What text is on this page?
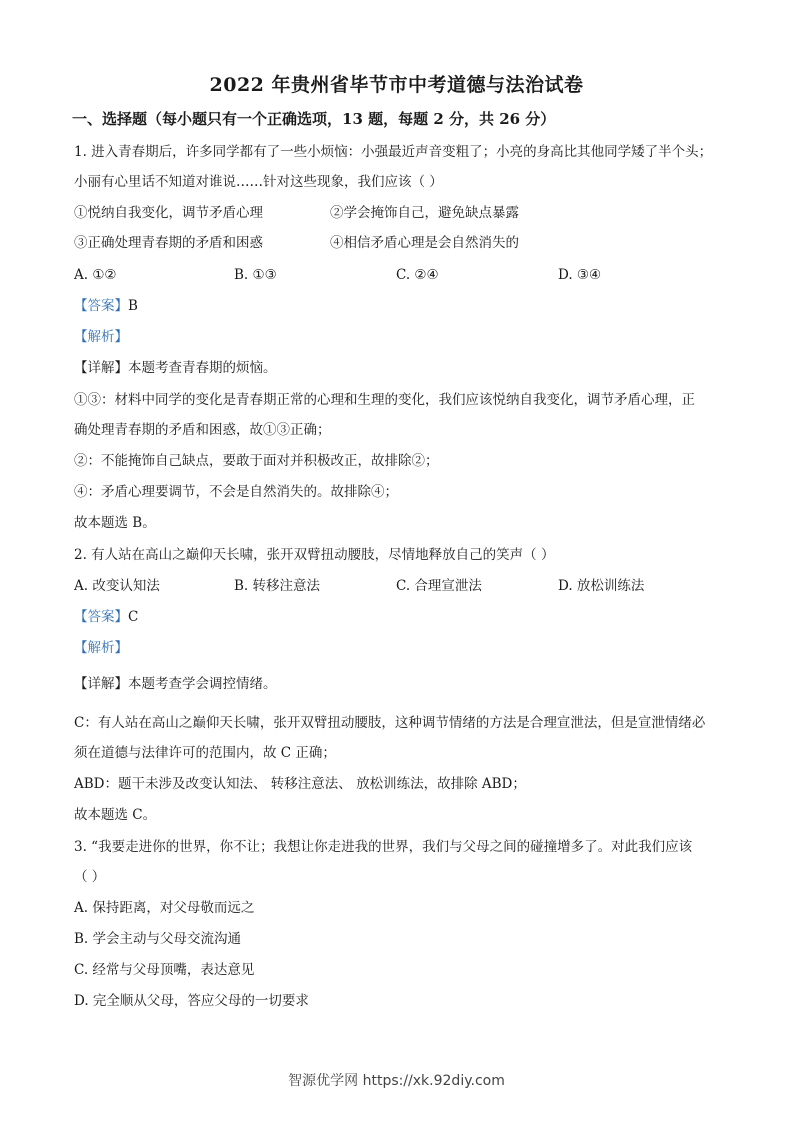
2022 年贵州省毕节市中考道德与法治试卷
一、选择题（每小题只有一个正确选项，13 题，每题 2 分，共 26 分）
1. 进入青春期后，许多同学都有了一些小烦恼：小强最近声音变粗了；小亮的身高比其他同学矮了半个头；
小丽有心里话不知道对谁说……针对这些现象，我们应该（ ）
①悦纳自我变化，调节矛盾心理	②学会掩饰自己，避免缺点暴露
③正确处理青春期的矛盾和困惑	④相信矛盾心理是会自然消失的
A. ①②	B. ①③	C. ②④	D. ③④
【答案】B
【解析】
【详解】本题考查青春期的烦恼。
①③：材料中同学的变化是青春期正常的心理和生理的变化，我们应该悦纳自我变化，调节矛盾心理，正
确处理青春期的矛盾和困惑，故①③正确；
②：不能掩饰自己缺点，要敢于面对并积极改正，故排除②；
④：矛盾心理要调节，不会是自然消失的。故排除④；
故本题选 B。
2. 有人站在高山之巅仰天长啸，张开双臂扭动腰肢，尽情地释放自己的笑声（ ）
A. 改变认知法	B. 转移注意法	C. 合理宣泄法	D. 放松训练法
【答案】C
【解析】
【详解】本题考查学会调控情绪。
C：有人站在高山之巅仰天长啸，张开双臂扭动腰肢，这种调节情绪的方法是合理宣泄法，但是宣泄情绪必
须在道德与法律许可的范围内，故 C 正确；
ABD：题干未涉及改变认知法、 转移注意法、 放松训练法，故排除 ABD；
故本题选 C。
3. “我要走进你的世界，你不让；我想让你走进我的世界，我们与父母之间的碰撞增多了。对此我们应该
（ ）
A. 保持距离，对父母敬而远之
B. 学会主动与父母交流沟通
C. 经常与父母顶嘴，表达意见
D. 完全顺从父母，答应父母的一切要求
智源优学网 https://xk.92diy.com
